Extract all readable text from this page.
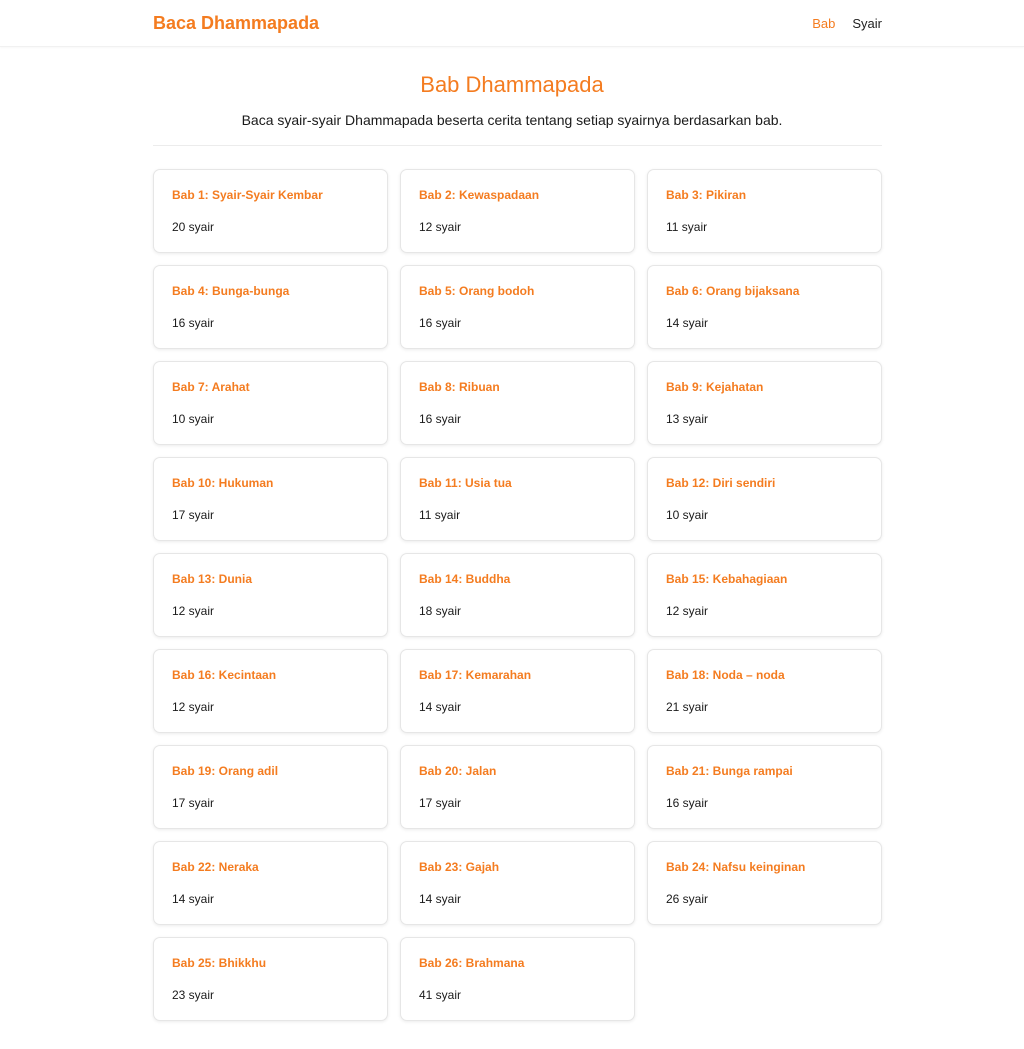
Baca Dhammapada	Bab Syair
Bab Dhammapada

Baca syair-syair Dhammapada beserta cerita tentang setiap syairnya berdasarkan bab.

Bab 1: Syair-Syair Kembar
20 syair
Bab 2: Kewaspadaan
12 syair
Bab 3: Pikiran
11 syair
Bab 4: Bunga-bunga
16 syair
Bab 5: Orang bodoh
16 syair
Bab 6: Orang bijaksana
14 syair
Bab 7: Arahat
10 syair
Bab 8: Ribuan
16 syair
Bab 9: Kejahatan
13 syair
Bab 10: Hukuman
17 syair
Bab 11: Usia tua
11 syair
Bab 12: Diri sendiri
10 syair
Bab 13: Dunia
12 syair
Bab 14: Buddha
18 syair
Bab 15: Kebahagiaan
12 syair
Bab 16: Kecintaan
12 syair
Bab 17: Kemarahan
14 syair
Bab 18: Noda – noda
21 syair
Bab 19: Orang adil
17 syair
Bab 20: Jalan
17 syair
Bab 21: Bunga rampai
16 syair
Bab 22: Neraka
14 syair
Bab 23: Gajah
14 syair
Bab 24: Nafsu keinginan
26 syair
Bab 25: Bhikkhu
23 syair
Bab 26: Brahmana
41 syair
